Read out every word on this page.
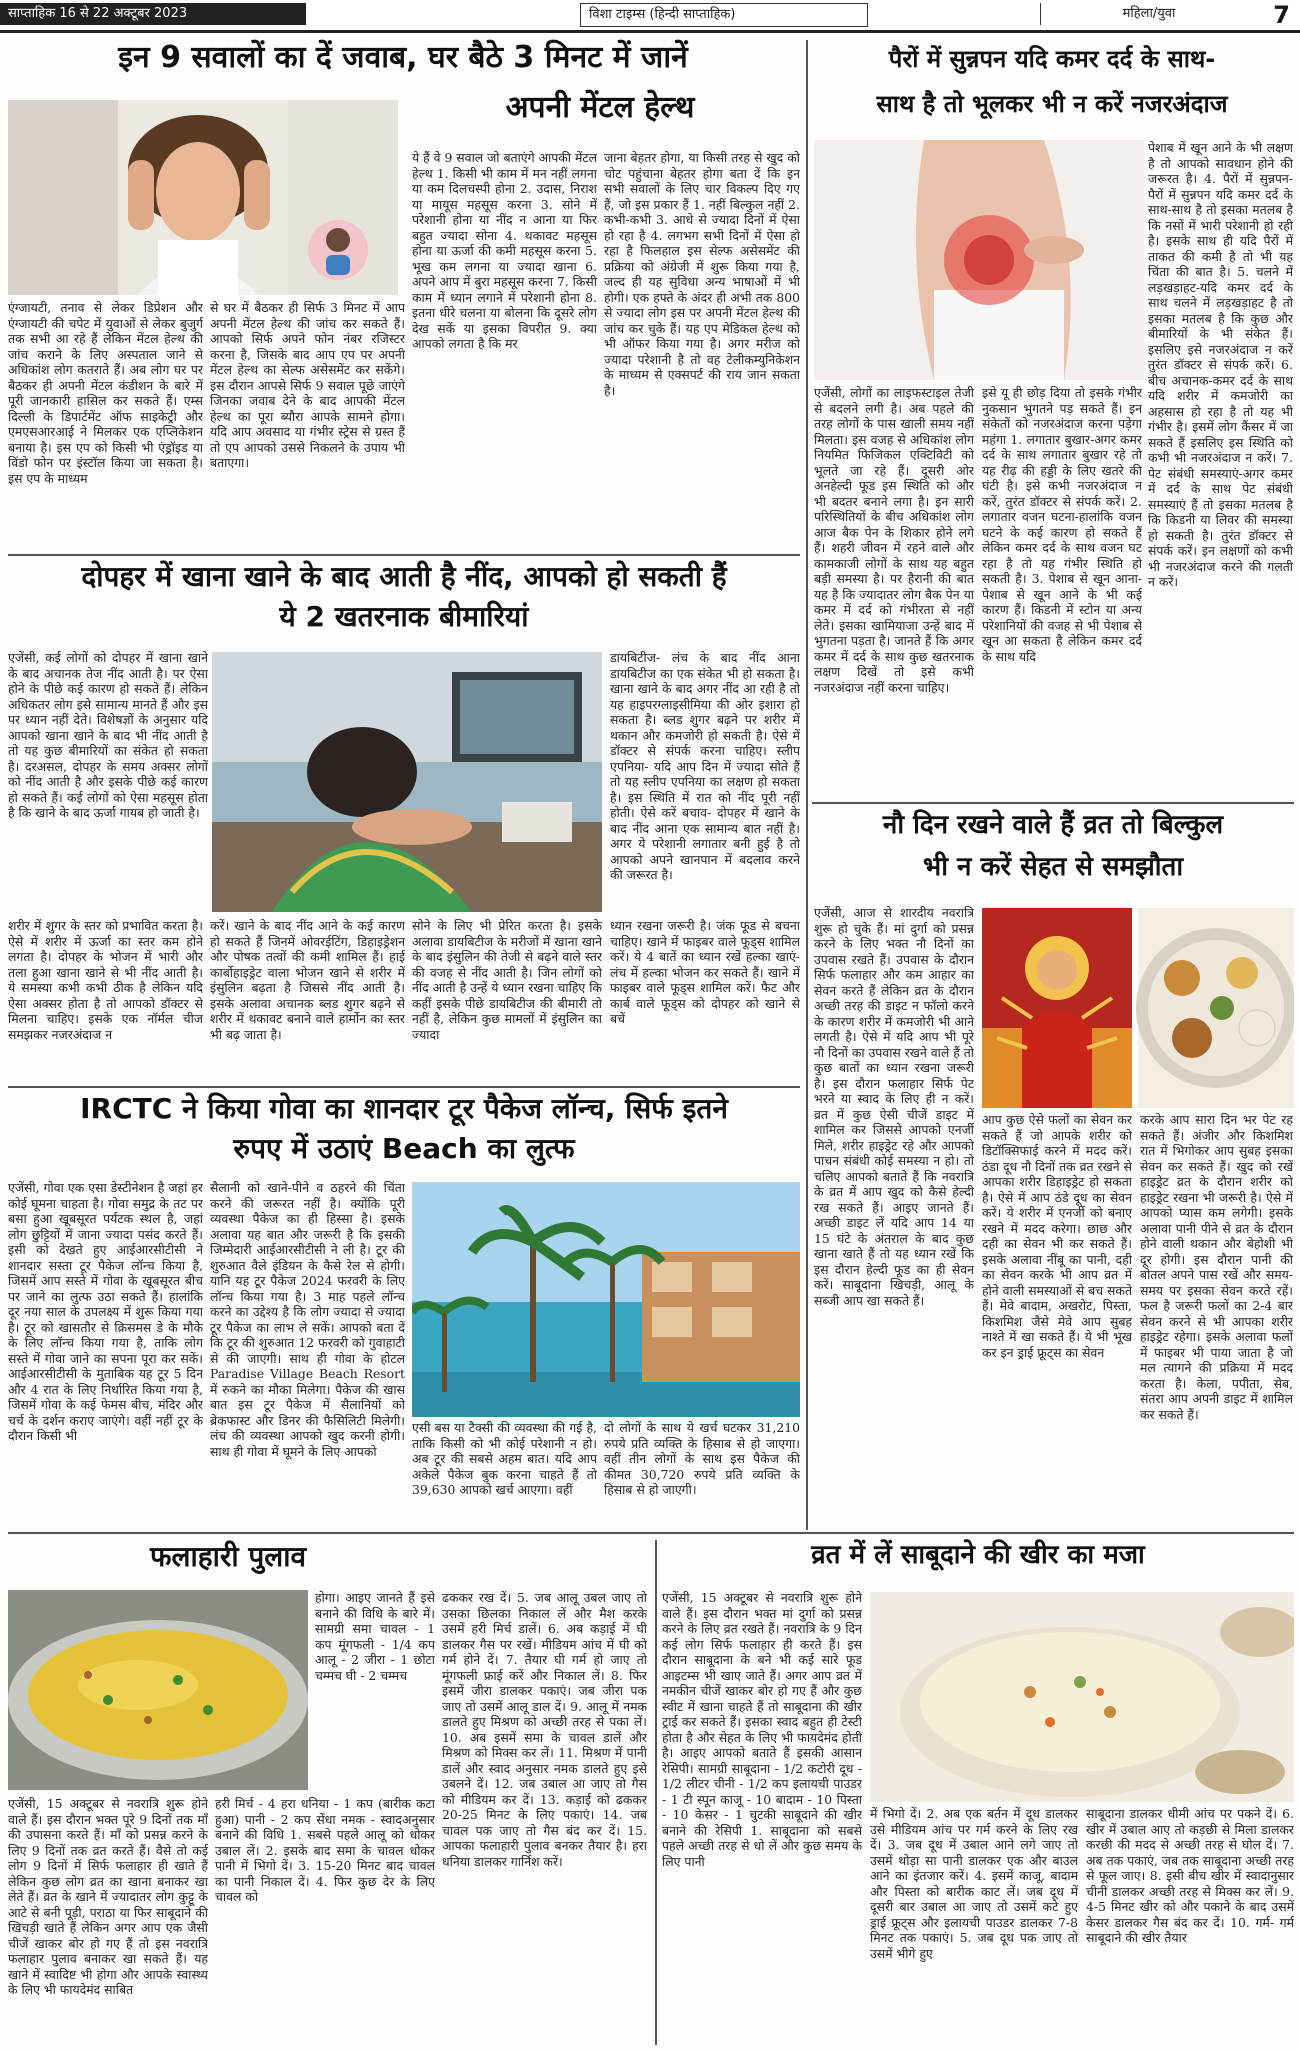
साप्ताहिक 16 से 22 अक्टूबर 2023	विशा टाइम्स (हिन्दी साप्ताहिक)	महिला/युवा	7
इन 9 सवालों का दें जवाब, घर बैठे 3 मिनट में जानें
अपनी मेंटल हेल्थ
एंग्जायटी, तनाव से लेकर डिप्रेशन और एंग्जायटी की चपेट में युवाओं से लेकर बुजुर्ग तक सभी आ रहे हैं लेकिन मेंटल हेल्थ की जांच कराने के लिए अस्पताल जाने से अधिकांश लोग कतराते हैं। अब लोग घर पर बैठकर ही अपनी मेंटल कंडीशन के बारे में पूरी जानकारी हासिल कर सकते हैं। एम्स दिल्ली के डिपार्टमेंट ऑफ साइकेट्री और एमएसआरआई ने मिलकर एक एप्लिकेशन बनाया है। इस एप को किसी भी एंड्रॉइड या विंडो फोन पर इंस्टॉल किया जा सकता है। इस एप के माध्यम
से घर में बैठकर ही सिर्फ 3 मिनट में आप अपनी मेंटल हेल्थ की जांच कर सकते हैं। आपको सिर्फ अपने फोन नंबर रजिस्टर करना है, जिसके बाद आप एप पर अपनी मेंटल हेल्थ का सेल्फ असेसमेंट कर सकेंगे। इस दौरान आपसे सिर्फ 9 सवाल पूछे जाएंगे जिनका जवाब देने के बाद आपकी मेंटल हेल्थ का पूरा ब्यौरा आपके सामने होगा। यदि आप अवसाद या गंभीर स्ट्रेस से ग्रस्त हैं तो एप आपको उससे निकलने के उपाय भी बताएगा।
ये हैं वे 9 सवाल जो बताएंगे आपकी मेंटल हेल्थ 1. किसी भी काम में मन नहीं लगना या कम दिलचस्पी होना 2. उदास, निराश या मायूस महसूस करना 3. सोने में परेशानी होना या नींद न आना या फिर बहुत ज्यादा सोना 4. थकावट महसूस होना या ऊर्जा की कमी महसूस करना 5. भूख कम लगना या ज्यादा खाना 6. अपने आप में बुरा महसूस करना 7. किसी काम में ध्यान लगाने में परेशानी होना 8. इतना धीरे चलना या बोलना कि दूसरे लोग देख सकें या इसका विपरीत 9. क्या आपको लगता है कि मर
जाना बेहतर होगा, या किसी तरह से खुद को चोट पहुंचाना बेहतर होगा बता दें कि इन सभी सवालों के लिए चार विकल्प दिए गए हैं, जो इस प्रकार हैं 1. नहीं बिल्कुल नहीं 2. कभी-कभी 3. आधे से ज्यादा दिनों में ऐसा हो रहा है 4. लगभग सभी दिनों में ऐसा हो रहा है फिलहाल इस सेल्फ असेसमेंट की प्रक्रिया को अंग्रेजी में शुरू किया गया है, जल्द ही यह सुविधा अन्य भाषाओं में भी होगी। एक हफ्ते के अंदर ही अभी तक 800 से ज्यादा लोग इस पर अपनी मेंटल हेल्थ की जांच कर चुके हैं। यह एप मेडिकल हेल्थ को भी ऑफर किया गया है। अगर मरीज को ज्यादा परेशानी है तो वह टेलीकम्युनिकेशन के माध्यम से एक्सपर्ट की राय जान सकता है।
दोपहर में खाना खाने के बाद आती है नींद, आपको हो सकती हैं
ये 2 खतरनाक बीमारियां
एजेंसी, कई लोगों को दोपहर में खाना खाने के बाद अचानक तेज नींद आती है। पर ऐसा होने के पीछे कई कारण हो सकते हैं। लेकिन अधिकतर लोग इसे सामान्य मानते हैं और इस पर ध्यान नहीं देते। विशेषज्ञों के अनुसार यदि आपको खाना खाने के बाद भी नींद आती है तो यह कुछ बीमारियों का संकेत हो सकता है। दरअसल, दोपहर के समय अक्सर लोगों को नींद आती है और इसके पीछे कई कारण हो सकते हैं। कई लोगों को ऐसा महसूस होता है कि खाने के बाद ऊर्जा गायब हो जाती है।
डायबिटीज- लंच के बाद नींद आना डायबिटीज का एक संकेत भी हो सकता है। खाना खाने के बाद अगर नींद आ रही है तो यह हाइपरग्लाइसीमिया की ओर इशारा हो सकता है। ब्लड शुगर बढ़ने पर शरीर में थकान और कमजोरी हो सकती है। ऐसे में डॉक्टर से संपर्क करना चाहिए। स्लीप एपनिया- यदि आप दिन में ज्यादा सोते हैं तो यह स्लीप एपनिया का लक्षण हो सकता है। इस स्थिति में रात को नींद पूरी नहीं होती। ऐसे करें बचाव- दोपहर में खाने के बाद नींद आना एक सामान्य बात नहीं है। अगर ये परेशानी लगातार बनी हुई है तो आपको अपने खानपान में बदलाव करने की जरूरत है।
शरीर में शुगर के स्तर को प्रभावित करता है। ऐसे में शरीर में ऊर्जा का स्तर कम होने लगता है। दोपहर के भोजन में भारी और तला हुआ खाना खाने से भी नींद आती है। ये समस्या कभी कभी ठीक है लेकिन यदि ऐसा अक्सर होता है तो आपको डॉक्टर से मिलना चाहिए। इसके एक नॉर्मल चीज समझकर नजरअंदाज न
करें। खाने के बाद नींद आने के कई कारण हो सकते हैं जिनमें ओवरईटिंग, डिहाइड्रेशन और पोषक तत्वों की कमी शामिल हैं। हाई कार्बोहाइड्रेट वाला भोजन खाने से शरीर में इंसुलिन बढ़ता है जिससे नींद आती है। इसके अलावा अचानक ब्लड शुगर बढ़ने से शरीर में थकावट बनाने वाले हार्मोन का स्तर भी बढ़ जाता है।
सोने के लिए भी प्रेरित करता है। इसके अलावा डायबिटीज के मरीजों में खाना खाने के बाद इंसुलिन की तेजी से बढ़ने वाले स्तर की वजह से नींद आती है। जिन लोगों को नींद आती है उन्हें ये ध्यान रखना चाहिए कि कहीं इसके पीछे डायबिटीज की बीमारी तो नहीं है, लेकिन कुछ मामलों में इंसुलिन का ज्यादा
ध्यान रखना जरूरी है। जंक फूड से बचना चाहिए। खाने में फाइबर वाले फूड्स शामिल करें। ये 4 बातें का ध्यान रखें हल्का खाएं- लंच में हल्का भोजन कर सकते हैं। खाने में फाइबर वाले फूड्स शामिल करें। फैट और कार्ब वाले फूड्स को दोपहर को खाने से बचें
IRCTC ने किया गोवा का शानदार टूर पैकेज लॉन्च, सिर्फ इतने
रुपए में उठाएं Beach का लुत्फ
एजेंसी, गोवा एक एसा डेस्टीनेशन है जहां हर कोई घूमना चाहता है। गोवा समुद्र के तट पर बसा हुआ खूबसूरत पर्यटक स्थल है, जहां लोग छुट्टियों में जाना ज्यादा पसंद करते हैं। इसी को देखते हुए आईआरसीटीसी ने शानदार सस्ता टूर पैकेज लॉन्च किया है, जिसमें आप सस्ते में गोवा के खूबसूरत बीच पर जाने का लुत्फ उठा सकते हैं। हालांकि दूर नया साल के उपलक्ष्य में शुरू किया गया है। टूर को खासतौर से क्रिसमस डे के मौके के लिए लॉन्च किया गया है, ताकि लोग सस्ते में गोवा जाने का सपना पूरा कर सकें। आईआरसीटीसी के मुताबिक यह टूर 5 दिन और 4 रात के लिए निर्धारित किया गया है, जिसमें गोवा के कई फेमस बीच, मंदिर और चर्च के दर्शन कराए जाएंगे। वहीं नहीं टूर के दौरान किसी भी
सैलानी को खाने-पीने व ठहरने की चिंता करने की जरूरत नहीं है। क्योंकि पूरी व्यवस्था पैकेज का ही हिस्सा है। इसके अलावा यह बात और जरूरी है कि इसकी जिम्मेदारी आईआरसीटीसी ने ली है। टूर की शुरुआत वैले इंडियन के कैसे रेल से होगी। यानि यह टूर पैकेज 2024 फरवरी के लिए लॉन्च किया गया है। 3 माह पहले लॉन्च करने का उद्देश्य है कि लोग ज्यादा से ज्यादा टूर पैकेज का लाभ ले सकें। आपको बता दें कि टूर की शुरुआत 12 फरवरी को गुवाहाटी से की जाएगी। साथ ही गोवा के होटल Paradise Village Beach Resort में रुकने का मौका मिलेगा। पैकेज की खास बात इस टूर पैकेज में सैलानियों को ब्रेकफास्ट और डिनर की फैसिलिटी मिलेगी। लंच की व्यवस्था आपको खुद करनी होगी। साथ ही गोवा में घूमने के लिए आपको
एसी बस या टैक्सी की व्यवस्था की गई है, ताकि किसी को भी कोई परेशानी न हो। अब टूर की सबसे अहम बात। यदि आप अकेले पैकेज बुक करना चाहते हैं तो 39,630 आपको खर्च आएगा। वहीं
दो लोगों के साथ ये खर्च घटकर 31,210 रुपये प्रति व्यक्ति के हिसाब से हो जाएगा। वहीं तीन लोगों के साथ इस पैकेज की कीमत 30,720 रुपये प्रति व्यक्ति के हिसाब से हो जाएगी।
पैरों में सुन्नपन यदि कमर दर्द के साथ-
साथ है तो भूलकर भी न करें नजरअंदाज
पेशाब में खून आने के भी लक्षण है तो आपको सावधान होने की जरूरत है। 4. पैरों में सुन्नपन-पैरों में सुन्नपन यदि कमर दर्द के साथ-साथ है तो इसका मतलब है कि नसों में भारी परेशानी हो रही है। इसके साथ ही यदि पैरों में ताकत की कमी है तो भी यह चिंता की बात है। 5. चलने में लड़खड़ाहट-यदि कमर दर्द के साथ चलने में लड़खड़ाहट है तो इसका मतलब है कि कुछ और बीमारियों के भी संकेत हैं। इसलिए इसे नजरअंदाज न करें तुरंत डॉक्टर से संपर्क करें। 6. बीच अचानक-कमर दर्द के साथ यदि शरीर में कमजोरी का अहसास हो रहा है तो यह भी गंभीर है। इसमें लोग कैंसर में जा सकते हैं इसलिए इस स्थिति को कभी भी नजरअंदाज न करें। 7. पेट संबंधी समस्याएं-अगर कमर में दर्द के साथ पेट संबंधी समस्याएं हैं तो इसका मतलब है कि किडनी या लिवर की समस्या हो सकती है। तुरंत डॉक्टर से संपर्क करें। इन लक्षणों को कभी भी नजरअंदाज करने की गलती न करें।
एजेंसी, लोगों का लाइफस्टाइल तेजी से बदलने लगी है। अब पहले की तरह लोगों के पास खाली समय नहीं मिलता। इस वजह से अधिकांश लोग नियमित फिजिकल एक्टिविटी को भूलते जा रहे हैं। दूसरी ओर अनहेल्दी फूड इस स्थिति को और भी बदतर बनाने लगा है। इन सारी परिस्थितियों के बीच अधिकांश लोग आज बैक पेन के शिकार होने लगे हैं। शहरी जीवन में रहने वाले और कामकाजी लोगों के साथ यह बहुत बड़ी समस्या है। पर हैरानी की बात यह है कि ज्यादातर लोग बैक पेन या कमर में दर्द को गंभीरता से नहीं लेते। इसका खामियाजा उन्हें बाद में भुगतना पड़ता है। जानते हैं कि अगर कमर में दर्द के साथ कुछ खतरनाक लक्षण दिखें तो इसे कभी नजरअंदाज नहीं करना चाहिए।
इसे यू ही छोड़ दिया तो इसके गंभीर नुकसान भुगतने पड़ सकते हैं। इन संकेतों को नजरअंदाज करना पड़ेगा महंगा 1. लगातार बुखार-अगर कमर दर्द के साथ लगातार बुखार रहे तो यह रीढ़ की हड्डी के लिए खतरे की घंटी है। इसे कभी नजरअंदाज न करें, तुरंत डॉक्टर से संपर्क करें। 2. लगातार वजन घटना-हालांकि वजन घटने के कई कारण हो सकते हैं लेकिन कमर दर्द के साथ वजन घट रहा है तो यह गंभीर स्थिति हो सकती है। 3. पेशाब से खून आना-पेशाब से खून आने के भी कई कारण हैं। किडनी में स्टोन या अन्य परेशानियों की वजह से भी पेशाब से खून आ सकता है लेकिन कमर दर्द के साथ यदि
नौ दिन रखने वाले हैं व्रत तो बिल्कुल
भी न करें सेहत से समझौता
एजेंसी, आज से शारदीय नवरात्रि शुरू हो चुके हैं। मां दुर्गा को प्रसन्न करने के लिए भक्त नौ दिनों का उपवास रखते हैं। उपवास के दौरान सिर्फ फलाहार और कम आहार का सेवन करते हैं लेकिन व्रत के दौरान अच्छी तरह की डाइट न फॉलो करने के कारण शरीर में कमजोरी भी आने लगती है। ऐसे में यदि आप भी पूरे नौ दिनों का उपवास रखने वाले हैं तो कुछ बातों का ध्यान रखना जरूरी है। इस दौरान फलाहार सिर्फ पेट भरने या स्वाद के लिए ही न करें। व्रत में कुछ ऐसी चीजें डाइट में शामिल कर जिससे आपको एनर्जी मिले, शरीर हाइड्रेट रहे और आपको पाचन संबंधी कोई समस्या न हो। तो चलिए आपको बताते हैं कि नवरात्रि के व्रत में आप खुद को कैसे हेल्दी रख सकते हैं। आइए जानते हैं। अच्छी डाइट लें यदि आप 14 या 15 घंटे के अंतराल के बाद कुछ खाना खाते हैं तो यह ध्यान रखें कि इस दौरान हेल्दी फूड का ही सेवन करें। साबूदाना खिचड़ी, आलू के सब्जी आप खा सकते हैं।
आप कुछ ऐसे फलों का सेवन कर सकते हैं जो आपके शरीर को डिटॉक्सिफाई करने में मदद करें। ठंडा दूध नौ दिनों तक व्रत रखने से आपका शरीर डिहाइड्रेट हो सकता है। ऐसे में आप ठंडे दूध का सेवन करें। ये शरीर में एनर्जी को बनाए रखने में मदद करेगा। छाछ और दही का सेवन भी कर सकते हैं। इसके अलावा नींबू का पानी, दही का सेवन करके भी आप व्रत में होने वाली समस्याओं से बच सकते हैं। मेवे बादाम, अखरोट, पिस्ता, किशमिश जैसे मेवे आप सुबह नाश्ते में खा सकते हैं। ये भी भूख कर इन ड्राई फ्रूट्स का सेवन
करके आप सारा दिन भर पेट रह सकते हैं। अंजीर और किशमिश रात में भिगोकर आप सुबह इसका सेवन कर सकते हैं। खुद को रखें हाइड्रेट व्रत के दौरान शरीर को हाइड्रेट रखना भी जरूरी है। ऐसे में आपको प्यास कम लगेगी। इसके अलावा पानी पीने से व्रत के दौरान होने वाली थकान और बेहोशी भी दूर होगी। इस दौरान पानी की बोतल अपने पास रखें और समय-समय पर इसका सेवन करते रहें। फल है जरूरी फलों का 2-4 बार सेवन करने से भी आपका शरीर हाइड्रेट रहेगा। इसके अलावा फलों में फाइबर भी पाया जाता है जो मल त्यागने की प्रक्रिया में मदद करता है। केला, पपीता, सेब, संतरा आप अपनी डाइट में शामिल कर सकते हैं।
फलाहारी पुलाव
होगा। आइए जानते हैं इसे बनाने की विधि के बारे में। सामग्री समा चावल - 1 कप मूंगफली - 1/4 कप आलू - 2 जीरा - 1 छोटा चम्मच घी - 2 चम्मच
एजेंसी, 15 अक्टूबर से नवरात्रि शुरू होने वाले हैं। इस दौरान भक्त पूरे 9 दिनों तक माँ की उपासना करते हैं। माँ को प्रसन्न करने के लिए 9 दिनों तक व्रत करते हैं। वैसे तो कई लोग 9 दिनों में सिर्फ फलाहार ही खाते हैं लेकिन कुछ लोग व्रत का खाना बनाकर खा लेते हैं। व्रत के खाने में ज्यादातर लोग कुट्टू के आटे से बनी पूड़ी, पराठा या फिर साबूदाने की खिचड़ी खाते हैं लेकिन अगर आप एक जैसी चीजें खाकर बोर हो गए हैं तो इस नवरात्रि फलाहार पुलाव बनाकर खा सकते हैं। यह खाने में स्वादिष्ट भी होगा और आपके स्वास्थ्य के लिए भी फायदेमंद साबित
हरी मिर्च - 4 हरा धनिया - 1 कप (बारीक कटा हुआ) पानी - 2 कप सेंधा नमक - स्वादअनुसार बनाने की विधि 1. सबसे पहले आलू को धोकर उबाल लें। 2. इसके बाद समा के चावल धोकर पानी में भिगो दें। 3. 15-20 मिनट बाद चावल का पानी निकाल दें। 4. फिर कुछ देर के लिए चावल को
ढककर रख दें। 5. जब आलू उबल जाए तो उसका छिलका निकाल लें और मैश करके उसमें हरी मिर्च डालें। 6. अब कड़ाई में घी डालकर गैस पर रखें। मीडियम आंच में घी को गर्म होने दें। 7. तैयार घी गर्म हो जाए तो मूंगफली फ्राई करें और निकाल लें। 8. फिर इसमें जीरा डालकर पकाएं। जब जीरा पक जाए तो उसमें आलू डाल दें। 9. आलू में नमक डालते हुए मिश्रण को अच्छी तरह से पका लें। 10. अब इसमें समा के चावल डालें और मिश्रण को मिक्स कर लें। 11. मिश्रण में पानी डालें और स्वाद अनुसार नमक डालते हुए इसे उबलने दें। 12. जब उबाल आ जाए तो गैस को मीडियम कर दें। 13. कड़ाई को ढककर 20-25 मिनट के लिए पकाएं। 14. जब चावल पक जाए तो गैस बंद कर दें। 15. आपका फलाहारी पुलाव बनकर तैयार है। हरा धनिया डालकर गार्निश करें।
व्रत में लें साबूदाने की खीर का मजा
एजेंसी, 15 अक्टूबर से नवरात्रि शुरू होने वाले हैं। इस दौरान भक्त मां दुर्गा को प्रसन्न करने के लिए व्रत रखते हैं। नवरात्रि के 9 दिन कई लोग सिर्फ फलाहार ही करते हैं। इस दौरान साबूदाना के बने भी कई सारे फूड आइटम्स भी खाए जाते हैं। अगर आप व्रत में नमकीन चीजें खाकर बोर हो गए हैं और कुछ स्वीट में खाना चाहते हैं तो साबूदाना की खीर ट्राई कर सकते हैं। इसका स्वाद बहुत ही टेस्टी होता है और सेहत के लिए भी फायदेमंद होती है। आइए आपको बताते हैं इसकी आसान रेसिपी। सामग्री साबूदाना - 1/2 कटोरी दूध - 1/2 लीटर चीनी - 1/2 कप इलायची पाउडर - 1 टी स्पून काजू - 10 बादाम - 10 पिस्ता - 10 केसर - 1 चुटकी साबूदाने की खीर बनाने की रेसिपी 1. साबूदाना को सबसे पहले अच्छी तरह से धो लें और कुछ समय के लिए पानी
में भिगो दें। 2. अब एक बर्तन में दूध डालकर उसे मीडियम आंच पर गर्म करने के लिए रख दें। 3. जब दूध में उबाल आने लगे जाए तो उसमें थोड़ा सा पानी डालकर एक और बाउल आने का इंतजार करें। 4. इसमें काजू, बादाम और पिस्ता को बारीक काट लें। जब दूध में दूसरी बार उबाल आ जाए तो उसमें कटे हुए ड्राई फ्रूट्स और इलायची पाउडर डालकर 7-8 मिनट तक पकाएं। 5. जब दूध पक जाए तो उसमें भीगे हुए
साबूदाना डालकर धीमी आंच पर पकने दें। 6. खीर में उबाल आए तो कड़छी से मिला डालकर करछी की मदद से अच्छी तरह से घोल दें। 7. अब तक पकाएं, जब तक साबूदाना अच्छी तरह से फूल जाए। 8. इसी बीच खीर में स्वादानुसार चीनी डालकर अच्छी तरह से मिक्स कर लें। 9. 4-5 मिनट खीर को और पकाने के बाद उसमें केसर डालकर गैस बंद कर दें। 10. गर्म- गर्म साबूदाने की खीर तैयार
